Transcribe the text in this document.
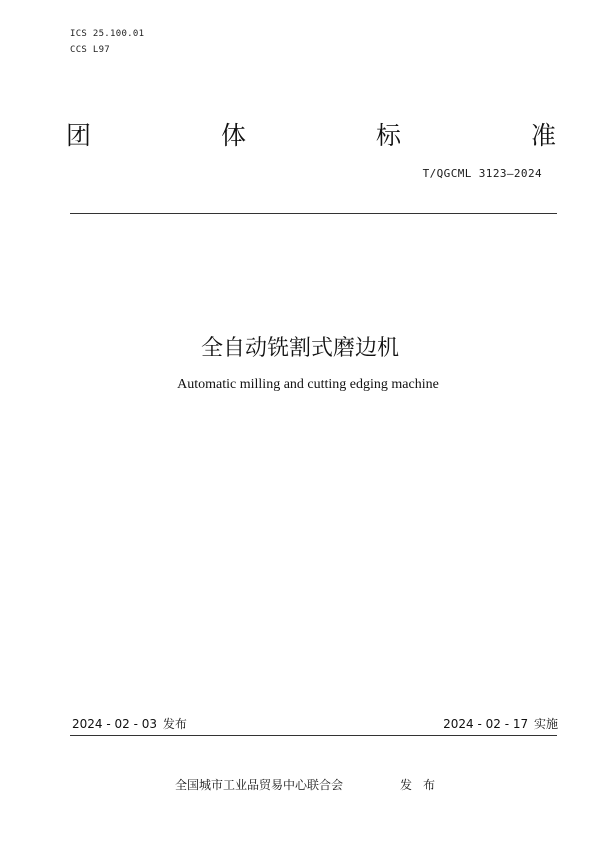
ICS 25.100.01
CCS L97
团	体	标	准
T/QGCML 3123—2024
全自动铣割式磨边机
Automatic milling and cutting edging machine
2024 - 02 - 03 发布	2024 - 02 - 17 实施
全国城市工业品贸易中心联合会	发布
